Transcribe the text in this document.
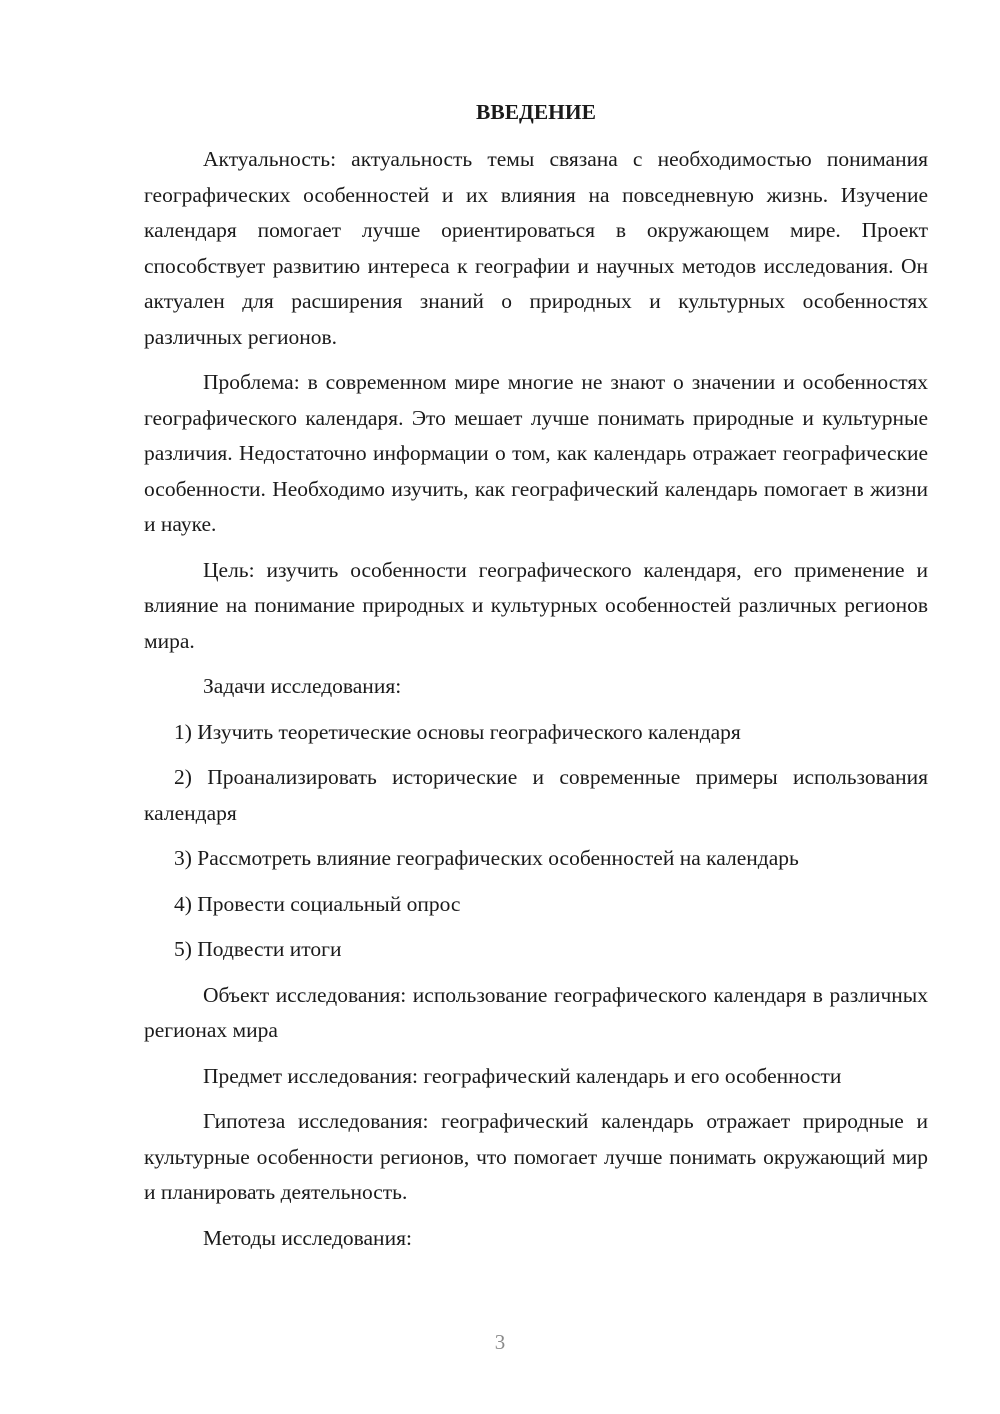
ВВЕДЕНИЕ

Актуальность: актуальность темы связана с необходимостью понимания географических особенностей и их влияния на повседневную жизнь. Изучение календаря помогает лучше ориентироваться в окружающем мире. Проект способствует развитию интереса к географии и научных методов исследования. Он актуален для расширения знаний о природных и культурных особенностях различных регионов.

Проблема: в современном мире многие не знают о значении и особенностях географического календаря. Это мешает лучше понимать природные и культурные различия. Недостаточно информации о том, как календарь отражает географические особенности. Необходимо изучить, как географический календарь помогает в жизни и науке.

Цель: изучить особенности географического календаря, его применение и влияние на понимание природных и культурных особенностей различных регионов мира.

Задачи исследования:

1) Изучить теоретические основы географического календаря

2) Проанализировать исторические и современные примеры использования календаря

3) Рассмотреть влияние географических особенностей на календарь

4) Провести социальный опрос

5) Подвести итоги

Объект исследования: использование географического календаря в различных регионах мира

Предмет исследования: географический календарь и его особенности

Гипотеза исследования: географический календарь отражает природные и культурные особенности регионов, что помогает лучше понимать окружающий мир и планировать деятельность.

Методы исследования:

3
